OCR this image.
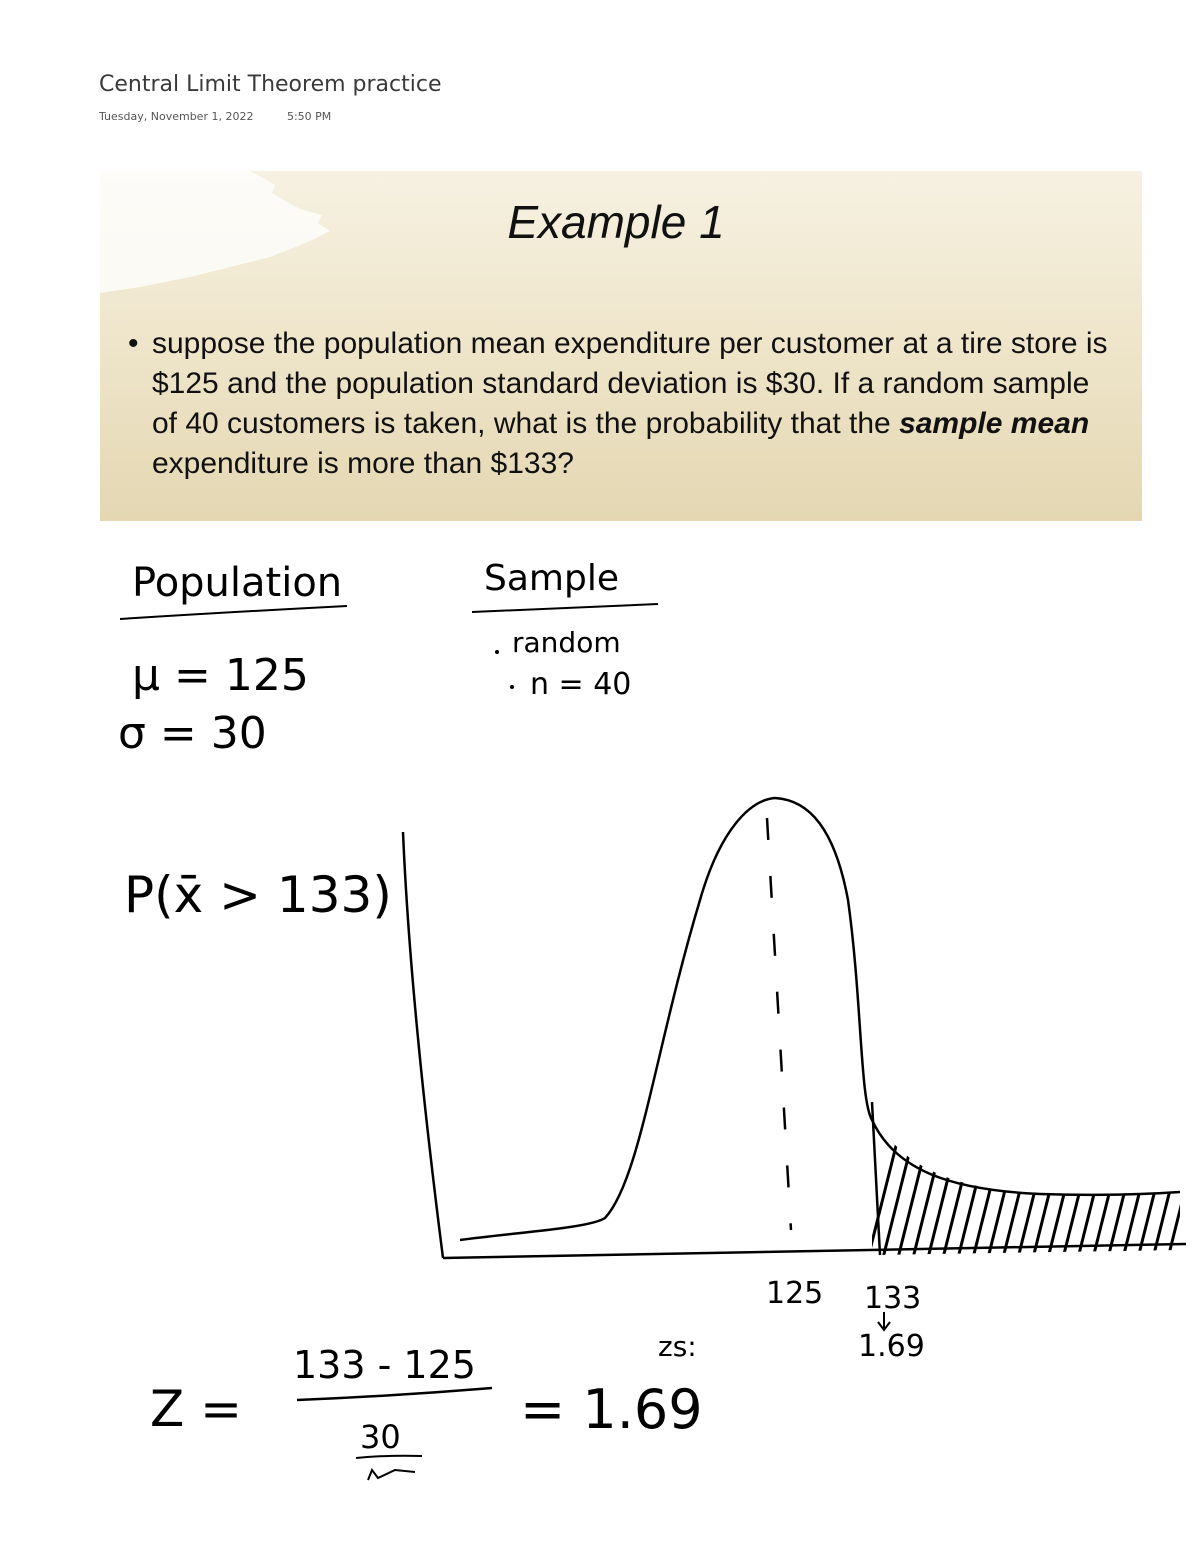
Central Limit Theorem practice
Tuesday, November 1, 2022	5:50 PM
Example 1
• suppose the population mean expenditure per customer at a tire store is $125 and the population standard deviation is $30. If a random sample of 40 customers is taken, what is the probability that the sample mean expenditure is more than $133?
Population
μ = 125
σ = 30
Sample
random
n = 40
P(x̄ > 133)
125 133
1.69
zs:
Z =
133 - 125
30 = 1.69
